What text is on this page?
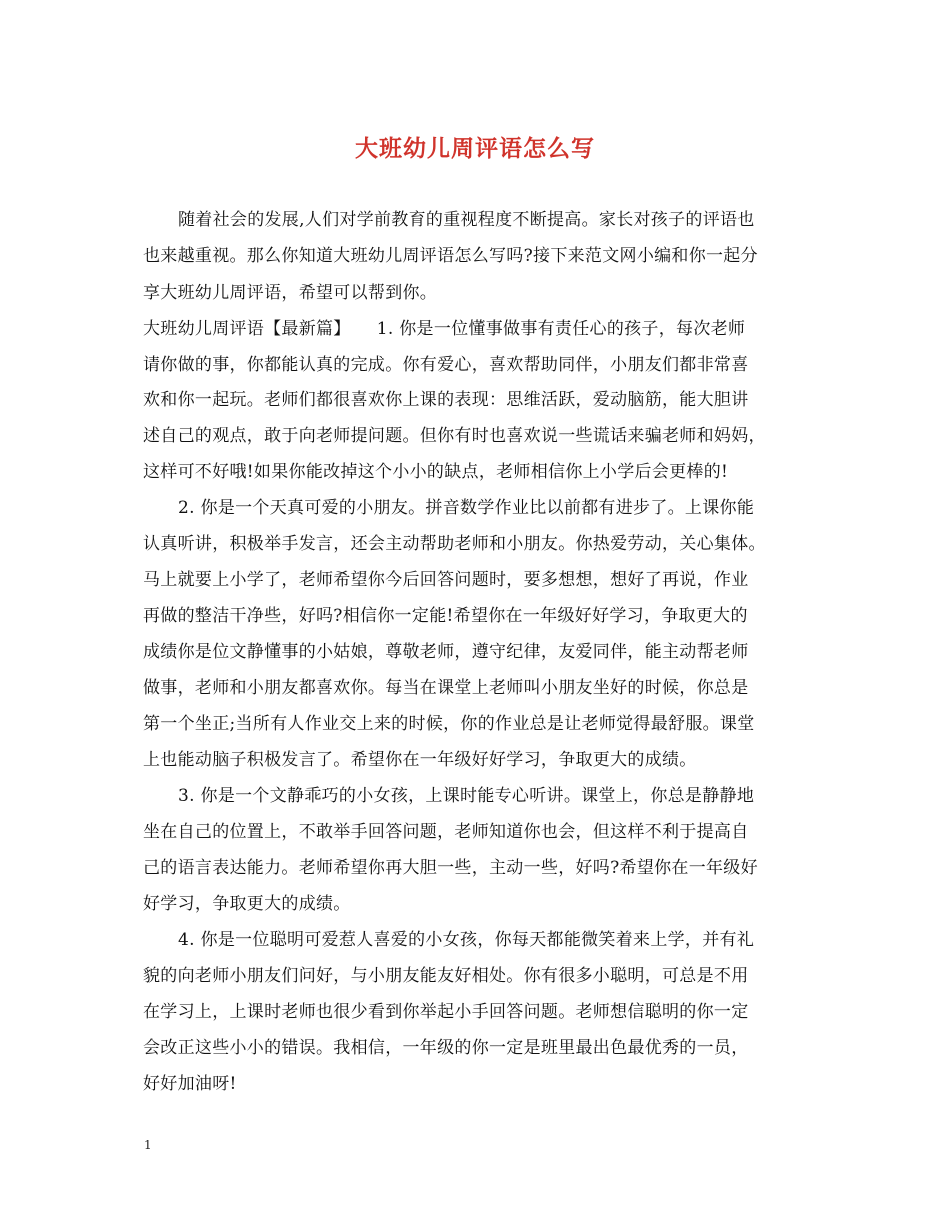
大班幼儿周评语怎么写
随着社会的发展,人们对学前教育的重视程度不断提高。家长对孩子的评语也
也来越重视。那么你知道大班幼儿周评语怎么写吗?接下来范文网小编和你一起分
享大班幼儿周评语，希望可以帮到你。
大班幼儿周评语【最新篇】　　1. 你是一位懂事做事有责任心的孩子，每次老师
请你做的事，你都能认真的完成。你有爱心，喜欢帮助同伴，小朋友们都非常喜
欢和你一起玩。老师们都很喜欢你上课的表现：思维活跃，爱动脑筋，能大胆讲
述自己的观点，敢于向老师提问题。但你有时也喜欢说一些谎话来骗老师和妈妈，
这样可不好哦!如果你能改掉这个小小的缺点，老师相信你上小学后会更棒的!
2. 你是一个天真可爱的小朋友。拼音数学作业比以前都有进步了。上课你能
认真听讲，积极举手发言，还会主动帮助老师和小朋友。你热爱劳动，关心集体。
马上就要上小学了，老师希望你今后回答问题时，要多想想，想好了再说，作业
再做的整洁干净些，好吗?相信你一定能!希望你在一年级好好学习，争取更大的
成绩你是位文静懂事的小姑娘，尊敬老师，遵守纪律，友爱同伴，能主动帮老师
做事，老师和小朋友都喜欢你。每当在课堂上老师叫小朋友坐好的时候，你总是
第一个坐正;当所有人作业交上来的时候，你的作业总是让老师觉得最舒服。课堂
上也能动脑子积极发言了。希望你在一年级好好学习，争取更大的成绩。
3. 你是一个文静乖巧的小女孩，上课时能专心听讲。课堂上，你总是静静地
坐在自己的位置上，不敢举手回答问题，老师知道你也会，但这样不利于提高自
己的语言表达能力。老师希望你再大胆一些，主动一些，好吗?希望你在一年级好
好学习，争取更大的成绩。
4. 你是一位聪明可爱惹人喜爱的小女孩，你每天都能微笑着来上学，并有礼
貌的向老师小朋友们问好，与小朋友能友好相处。你有很多小聪明，可总是不用
在学习上，上课时老师也很少看到你举起小手回答问题。老师想信聪明的你一定
会改正这些小小的错误。我相信，一年级的你一定是班里最出色最优秀的一员，
好好加油呀!
1
